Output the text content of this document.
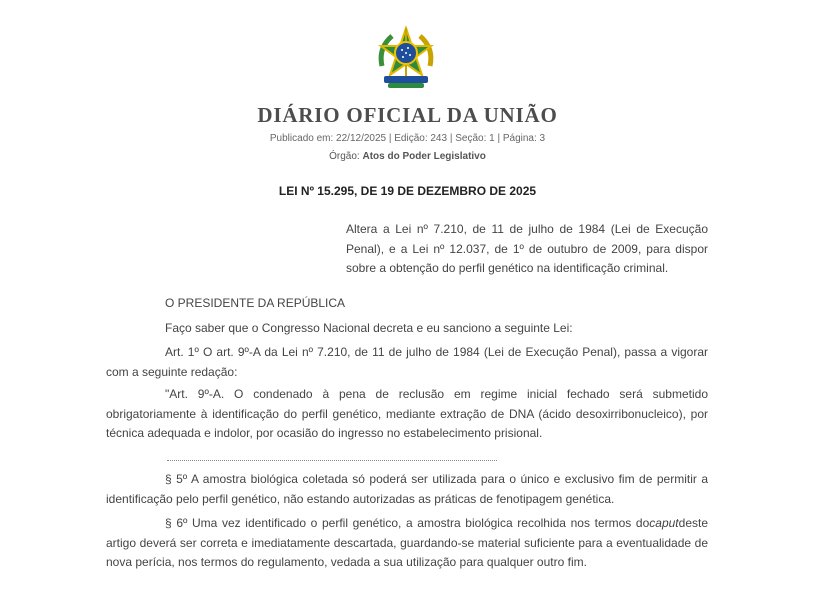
DIÁRIO OFICIAL DA UNIÃO
Publicado em: 22/12/2025 | Edição: 243 | Seção: 1 | Página: 3
Órgão: Atos do Poder Legislativo
LEI Nº 15.295, DE 19 DE DEZEMBRO DE 2025
Altera a Lei nº 7.210, de 11 de julho de 1984 (Lei de Execução Penal), e a Lei nº 12.037, de 1º de outubro de 2009, para dispor sobre a obtenção do perfil genético na identificação criminal.
O PRESIDENTE DA REPÚBLICA
Faço saber que o Congresso Nacional decreta e eu sanciono a seguinte Lei:
Art. 1º O art. 9º-A da Lei nº 7.210, de 11 de julho de 1984 (Lei de Execução Penal), passa a vigorar com a seguinte redação:
"Art. 9º-A. O condenado à pena de reclusão em regime inicial fechado será submetido obrigatoriamente à identificação do perfil genético, mediante extração de DNA (ácido desoxirribonucleico), por técnica adequada e indolor, por ocasião do ingresso no estabelecimento prisional.
§ 5º A amostra biológica coletada só poderá ser utilizada para o único e exclusivo fim de permitir a identificação pelo perfil genético, não estando autorizadas as práticas de fenotipagem genética.
§ 6º Uma vez identificado o perfil genético, a amostra biológica recolhida nos termos docaputdeste artigo deverá ser correta e imediatamente descartada, guardando-se material suficiente para a eventualidade de nova perícia, nos termos do regulamento, vedada a sua utilização para qualquer outro fim.
